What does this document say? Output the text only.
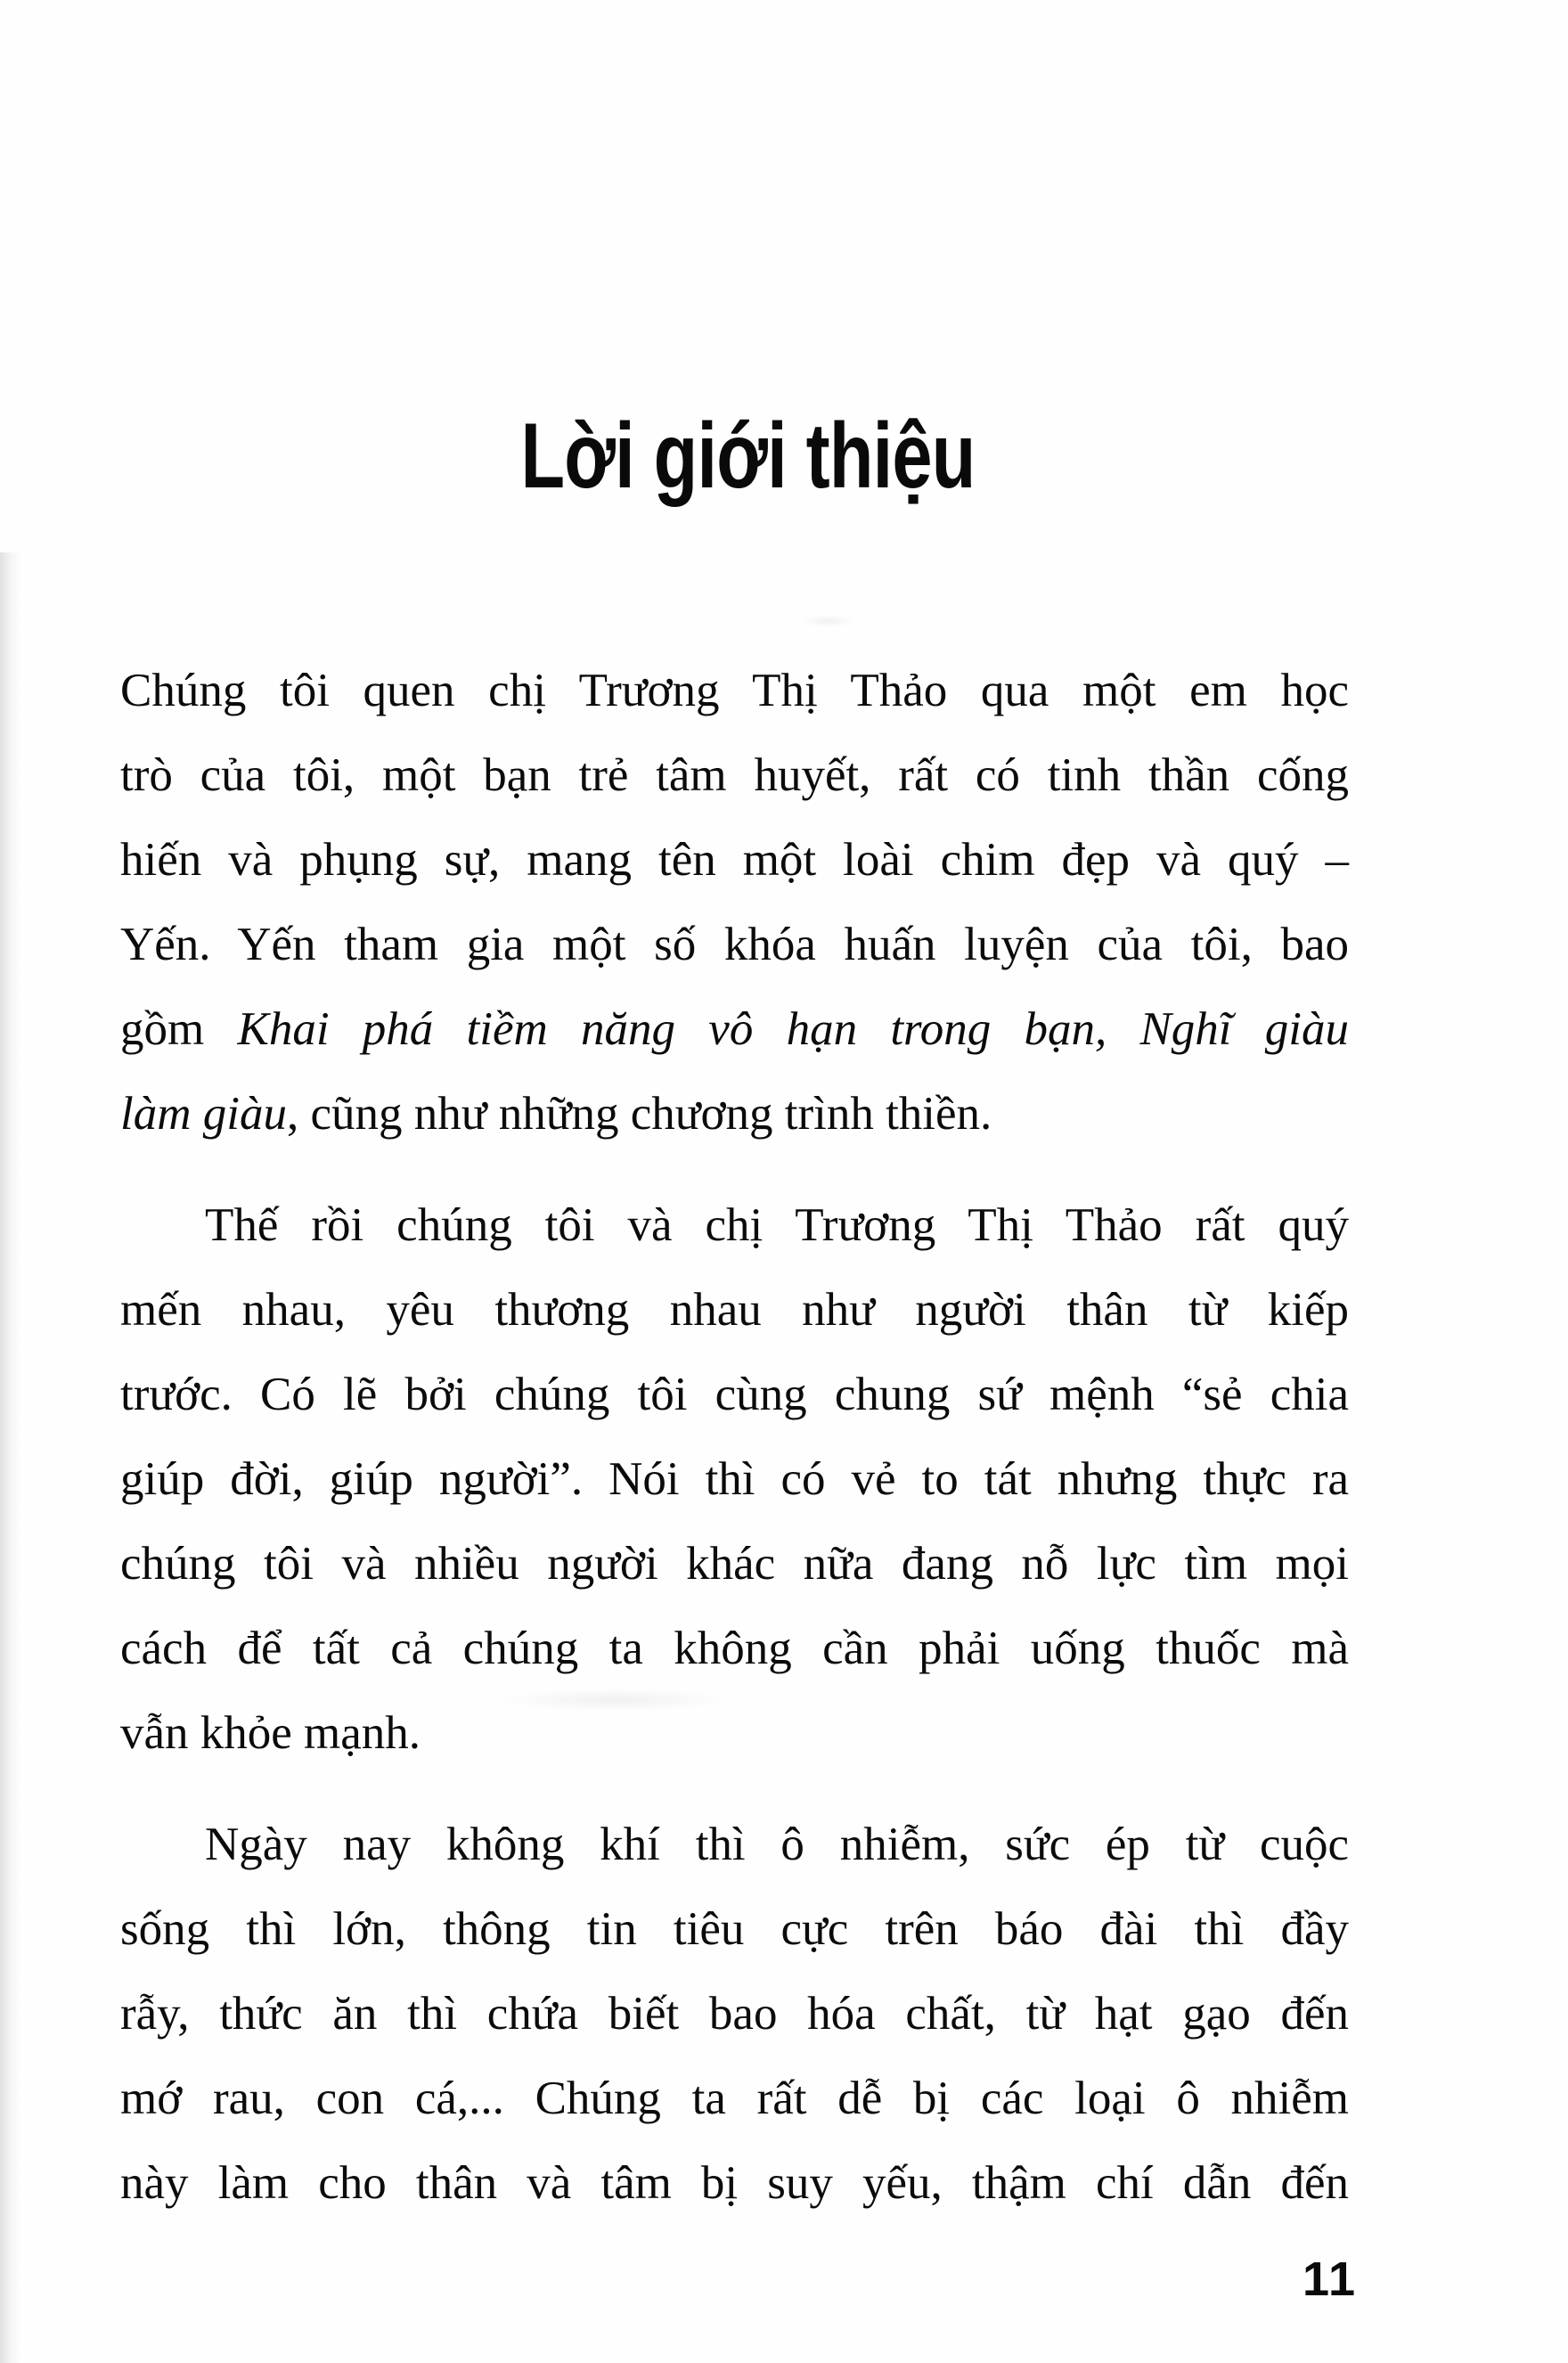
Lời giới thiệu
Chúng tôi quen chị Trương Thị Thảo qua một em học
trò của tôi, một bạn trẻ tâm huyết, rất có tinh thần cống
hiến và phụng sự, mang tên một loài chim đẹp và quý –
Yến. Yến tham gia một số khóa huấn luyện của tôi, bao
gồm Khai phá tiềm năng vô hạn trong bạn, Nghĩ giàu
làm giàu, cũng như những chương trình thiền.
Thế rồi chúng tôi và chị Trương Thị Thảo rất quý
mến nhau, yêu thương nhau như người thân từ kiếp
trước. Có lẽ bởi chúng tôi cùng chung sứ mệnh “sẻ chia
giúp đời, giúp người”. Nói thì có vẻ to tát nhưng thực ra
chúng tôi và nhiều người khác nữa đang nỗ lực tìm mọi
cách để tất cả chúng ta không cần phải uống thuốc mà
vẫn khỏe mạnh.
Ngày nay không khí thì ô nhiễm, sức ép từ cuộc
sống thì lớn, thông tin tiêu cực trên báo đài thì đầy
rẫy, thức ăn thì chứa biết bao hóa chất, từ hạt gạo đến
mớ rau, con cá,... Chúng ta rất dễ bị các loại ô nhiễm
này làm cho thân và tâm bị suy yếu, thậm chí dẫn đến
11
